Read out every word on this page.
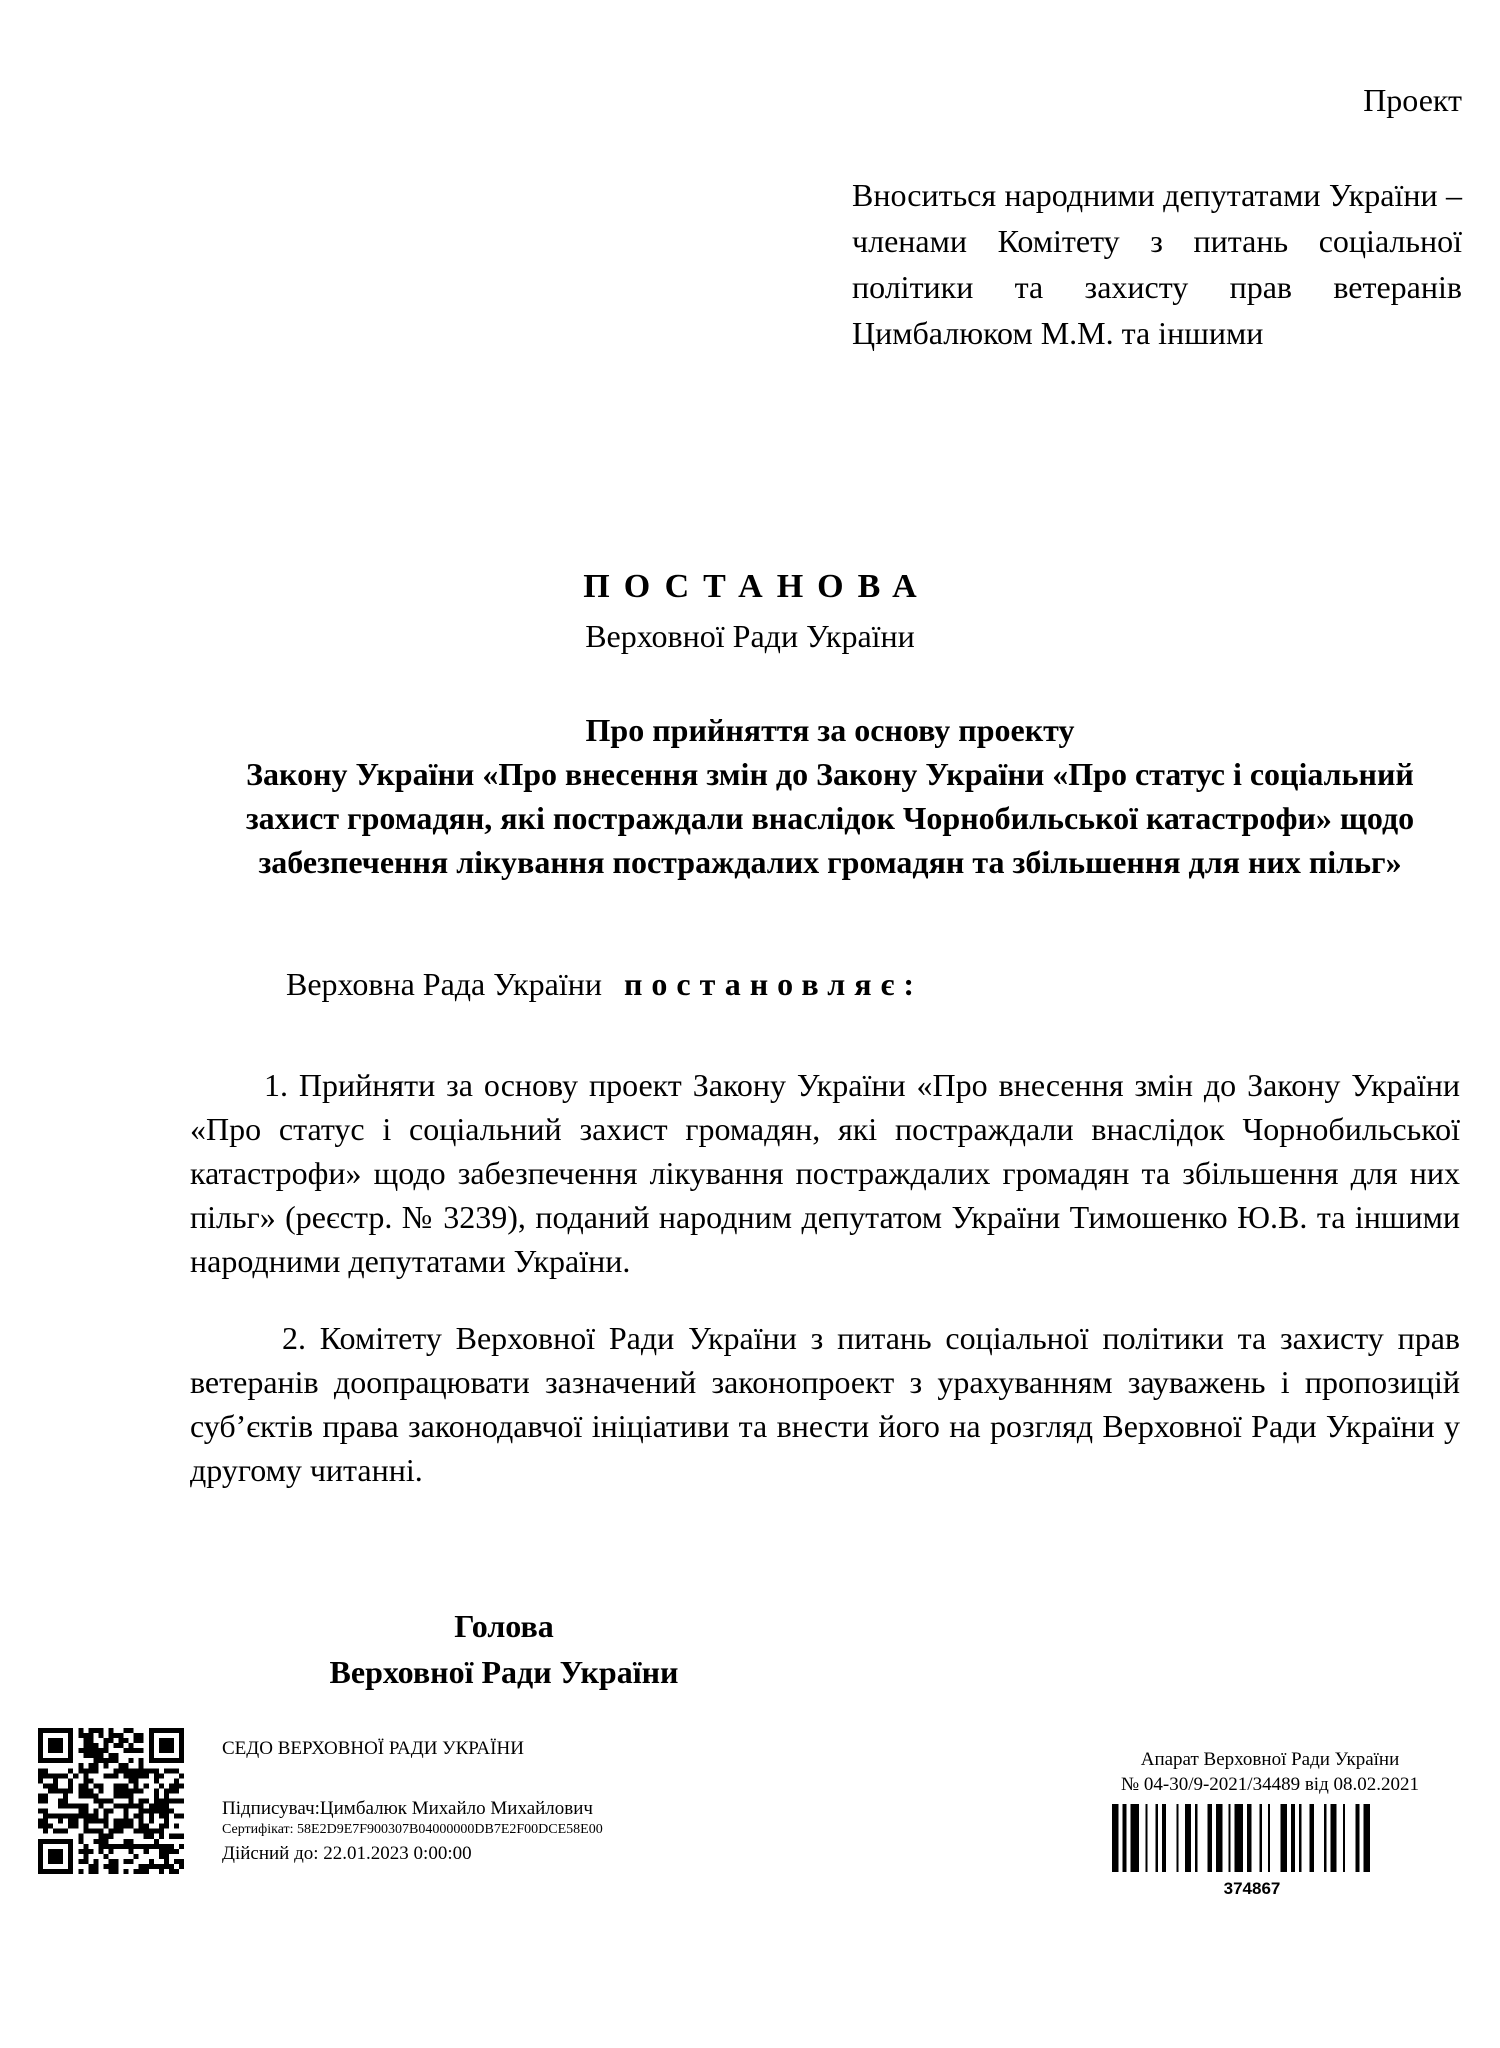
Проект
Вноситься народними депутатами України – членами Комітету з питань соціальної політики та захисту прав ветеранів Цимбалюком М.М. та іншими
ПОСТАНОВА
Верховної Ради України
Про прийняття за основу проекту
Закону України «Про внесення змін до Закону України «Про статус і соціальний захист громадян, які постраждали внаслідок Чорнобильської катастрофи» щодо забезпечення лікування постраждалих громадян та збільшення для них пільг»
Верховна Рада України постановляє:

1. Прийняти за основу проект Закону України «Про внесення змін до Закону України «Про статус і соціальний захист громадян, які постраждали внаслідок Чорнобильської катастрофи» щодо забезпечення лікування постраждалих громадян та збільшення для них пільг» (реєстр. № 3239), поданий народним депутатом України Тимошенко Ю.В. та іншими народними депутатами України.

2. Комітету Верховної Ради України з питань соціальної політики та захисту прав ветеранів доопрацювати зазначений законопроект з урахуванням зауважень і пропозицій суб’єктів права законодавчої ініціативи та внести його на розгляд Верховної Ради України у другому читанні.

Голова
Верховної Ради України
СЕДО ВЕРХОВНОЇ РАДИ УКРАЇНИ
Підписувач:Цимбалюк Михайло Михайлович
Сертифікат: 58E2D9E7F900307B04000000DB7E2F00DCE58E00
Дійсний до: 22.01.2023 0:00:00
Апарат Верховної Ради України
№ 04-30/9-2021/34489 від 08.02.2021
374867
